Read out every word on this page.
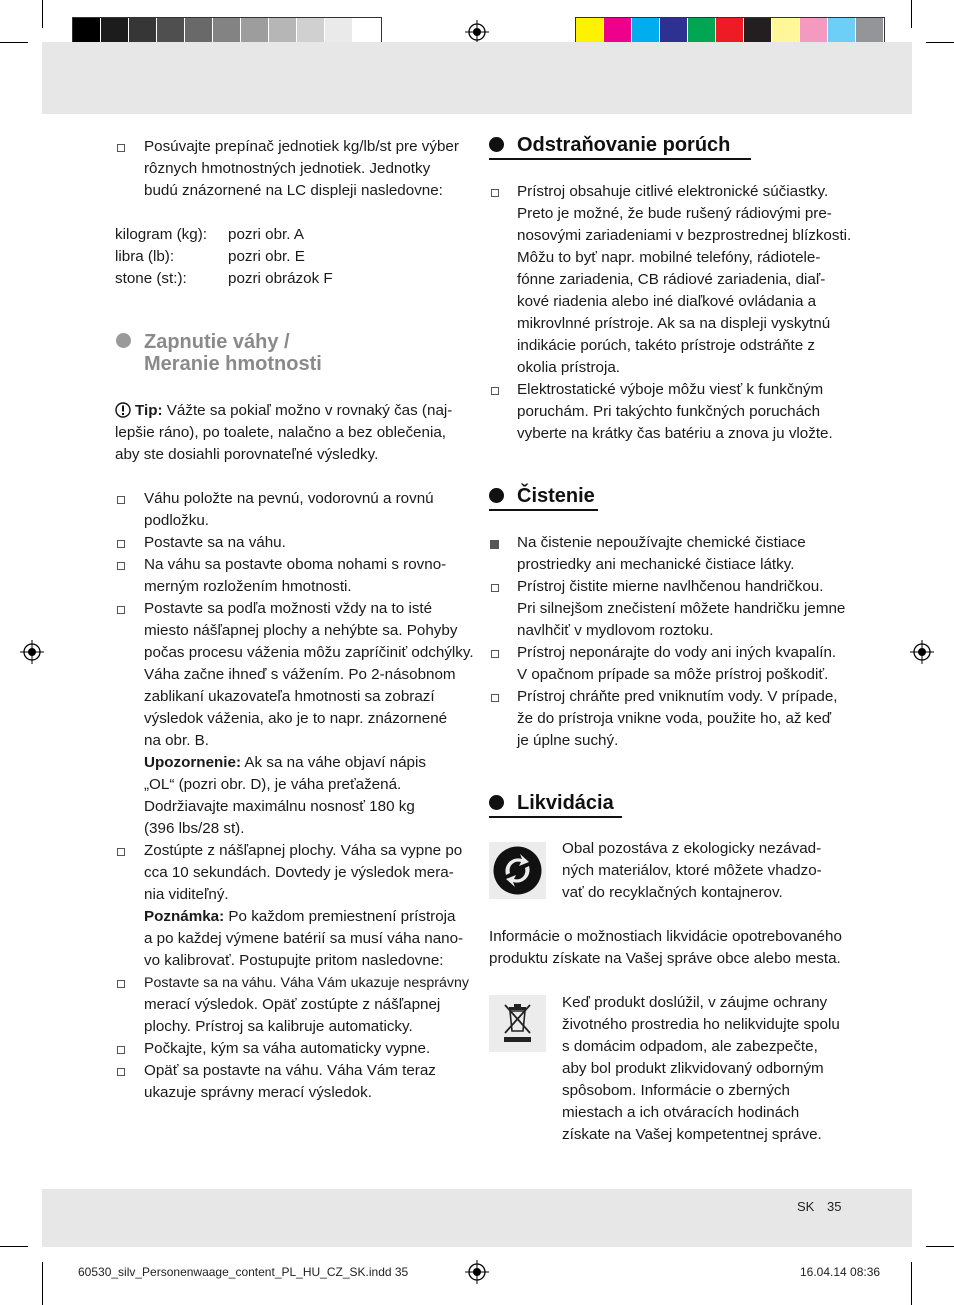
Posúvajte prepínač jednotiek kg/lb/st pre výber
rôznych hmotnostných jednotiek. Jednotky
budú znázornené na LC displeji nasledovne:
kilogram (kg): pozri obr. A
libra (lb):	pozri obr. E
stone (st:):	pozri obrázok F
Zapnutie váhy /
Meranie hmotnosti
Tip: Vážte sa pokiaľ možno v rovnaký čas (naj-
lepšie ráno), po toalete, nalačno a bez oblečenia,
aby ste dosiahli porovnateľné výsledky.
Váhu položte na pevnú, vodorovnú a rovnú
podložku.
Postavte sa na váhu.
Na váhu sa postavte oboma nohami s rovno-
merným rozložením hmotnosti.
Postavte sa podľa možnosti vždy na to isté
miesto nášľapnej plochy a nehýbte sa. Pohyby
počas procesu váženia môžu zapríčiniť odchýlky.
Váha začne ihneď s vážením. Po 2-násobnom
zablikaní ukazovateľa hmotnosti sa zobrazí
výsledok váženia, ako je to napr. znázornené
na obr. B.
Upozornenie: Ak sa na váhe objaví nápis
„OL“ (pozri obr. D), je váha preťažená.
Dodržiavajte maximálnu nosnosť 180 kg
(396 lbs/28 st).
Zostúpte z nášľapnej plochy. Váha sa vypne po
cca 10 sekundách. Dovtedy je výsledok mera-
nia viditeľný.
Poznámka: Po každom premiestnení prístroja
a po každej výmene batérií sa musí váha nano-
vo kalibrovať. Postupujte pritom nasledovne:
Postavte sa na váhu. Váha Vám ukazuje nesprávny
merací výsledok. Opäť zostúpte z nášľapnej
plochy. Prístroj sa kalibruje automaticky.
Počkajte, kým sa váha automaticky vypne.
Opäť sa postavte na váhu. Váha Vám teraz
ukazuje správny merací výsledok.
Odstraňovanie porúch
Prístroj obsahuje citlivé elektronické súčiastky.
Preto je možné, že bude rušený rádiovými pre-
nosovými zariadeniami v bezprostrednej blízkosti.
Môžu to byť napr. mobilné telefóny, rádiotele-
fónne zariadenia, CB rádiové zariadenia, diaľ-
kové riadenia alebo iné diaľkové ovládania a
mikrovlnné prístroje. Ak sa na displeji vyskytnú
indikácie porúch, takéto prístroje odstráňte z
okolia prístroja.
Elektrostatické výboje môžu viesť k funkčným
poruchám. Pri takýchto funkčných poruchách
vyberte na krátky čas batériu a znova ju vložte.
Čistenie
Na čistenie nepoužívajte chemické čistiace
prostriedky ani mechanické čistiace látky.
Prístroj čistite mierne navlhčenou handričkou.
Pri silnejšom znečistení môžete handričku jemne
navlhčiť v mydlovom roztoku.
Prístroj neponárajte do vody ani iných kvapalín.
V opačnom prípade sa môže prístroj poškodiť.
Prístroj chráňte pred vniknutím vody. V prípade,
že do prístroja vnikne voda, použite ho, až keď
je úplne suchý.
Likvidácia
Obal pozostáva z ekologicky nezávad-
ných materiálov, ktoré môžete vhadzo-
vať do recyklačných kontajnerov.
Informácie o možnostiach likvidácie opotrebovaného
produktu získate na Vašej správe obce alebo mesta.
Keď produkt doslúžil, v záujme ochrany
životného prostredia ho nelikvidujte spolu
s domácim odpadom, ale zabezpečte,
aby bol produkt zlikvidovaný odborným
spôsobom. Informácie o zberných
miestach a ich otváracích hodinách
získate na Vašej kompetentnej správe.
SK 35
60530_silv_Personenwaage_content_PL_HU_CZ_SK.indd 35	16.04.14 08:36
